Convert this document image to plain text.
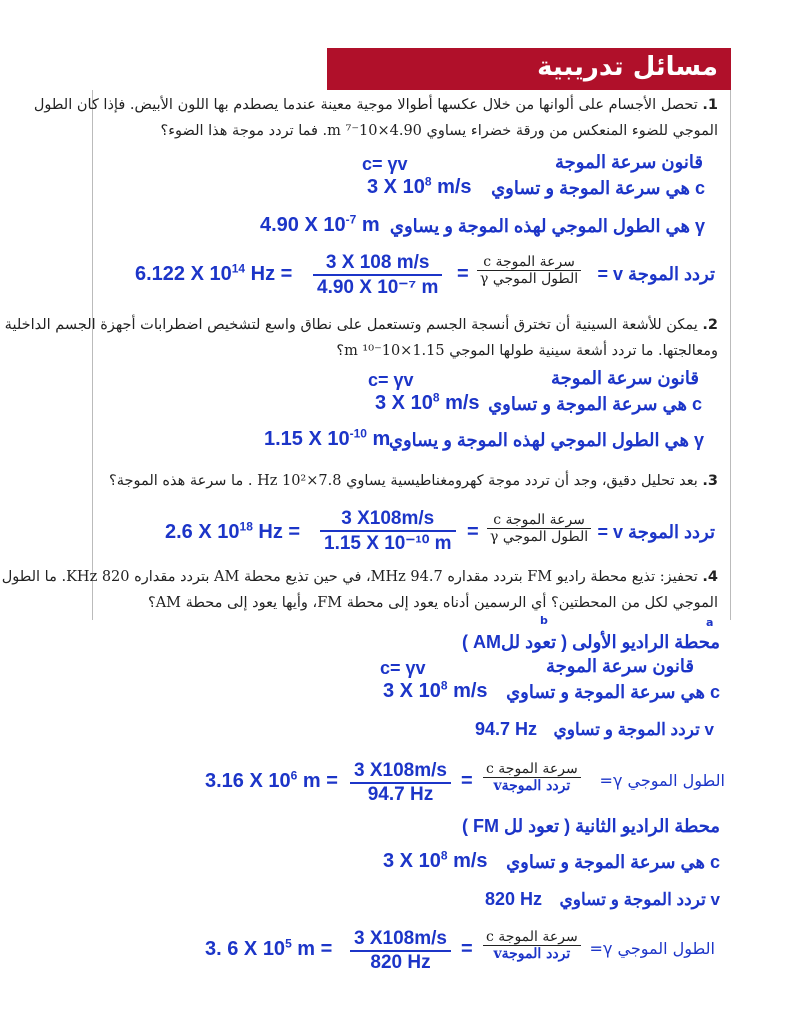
مسائل تدريبية
1. تحصل الأجسام على ألوانها من خلال عكسها أطوالا موجية معينة عندما يصطدم بها اللون الأبيض. فإذا كان الطول
الموجي للضوء المنعكس من ورقة خضراء يساوي 4.90×10⁻⁷ m. فما تردد موجة هذا الضوء؟
قانون سرعة الموجة
c= γv
c هي سرعة الموجة و تساوي
3 X $10^8$ m/s
γ هي الطول الموجي لهذه الموجة و يساوي
4.90 X $10^{-7}$ m
6.122 X $10^{14}$ $Hz = \frac{3 X 108 m/s}{\text{4.90 X 10⁻⁷ m}}$ =
سرعة الموجة c
الطول الموجي γ تردد الموجة v =
2. يمكن للأشعة السينية أن تخترق أنسجة الجسم وتستعمل على نطاق واسع لتشخيص اضطرابات أجهزة الجسم الداخلية
ومعالجتها. ما تردد أشعة سينية طولها الموجي 1.15×10⁻¹⁰ m؟
قانون سرعة الموجة
c= γv
c هي سرعة الموجة و تساوي
3 X $10^8$ m/s
γ هي الطول الموجي لهذه الموجة و يساوي
1.15 X $10^{-10}$ m
3. بعد تحليل دقيق، وجد أن تردد موجة كهرومغناطيسية يساوي 7.8×10² Hz . ما سرعة هذه الموجة؟
2.6 X $10^{18}$ $Hz = \frac{3 X108m/s}{\text{1.15 X 10⁻¹⁰ m}}$ =
سرعة الموجة c
الطول الموجي γ تردد الموجة v =
4. تحفيز: تذيع محطة راديو FM بتردد مقداره 94.7 MHz، في حين تذيع محطة AM بتردد مقداره 820 KHz. ما الطول
الموجي لكل من المحطتين؟ أي الرسمين أدناه يعود إلى محطة FM، وأيها يعود إلى محطة AM؟
a
b
محطة الراديو الأولى ( تعود للAM )
قانون سرعة الموجة
c= γv
c هي سرعة الموجة و تساوي
3 X $10^8$ m/s
v تردد الموجة و تساوي
94.7 Hz
3.16 X $10^6$ $m = \frac{3 X108m/s}{94.7 Hz}$ =
سرعة الموجة c
تردد الموجةv	الطول الموجي γ=
محطة الراديو الثانية ( تعود لل FM )
c هي سرعة الموجة و تساوي
3 X $10^8$ m/s
v تردد الموجة و تساوي
820 Hz
3. 6 X $10^5$ $m = \frac{3 X108m/s}{820 Hz}$ =
سرعة الموجة c
تردد الموجةv	الطول الموجي γ=
